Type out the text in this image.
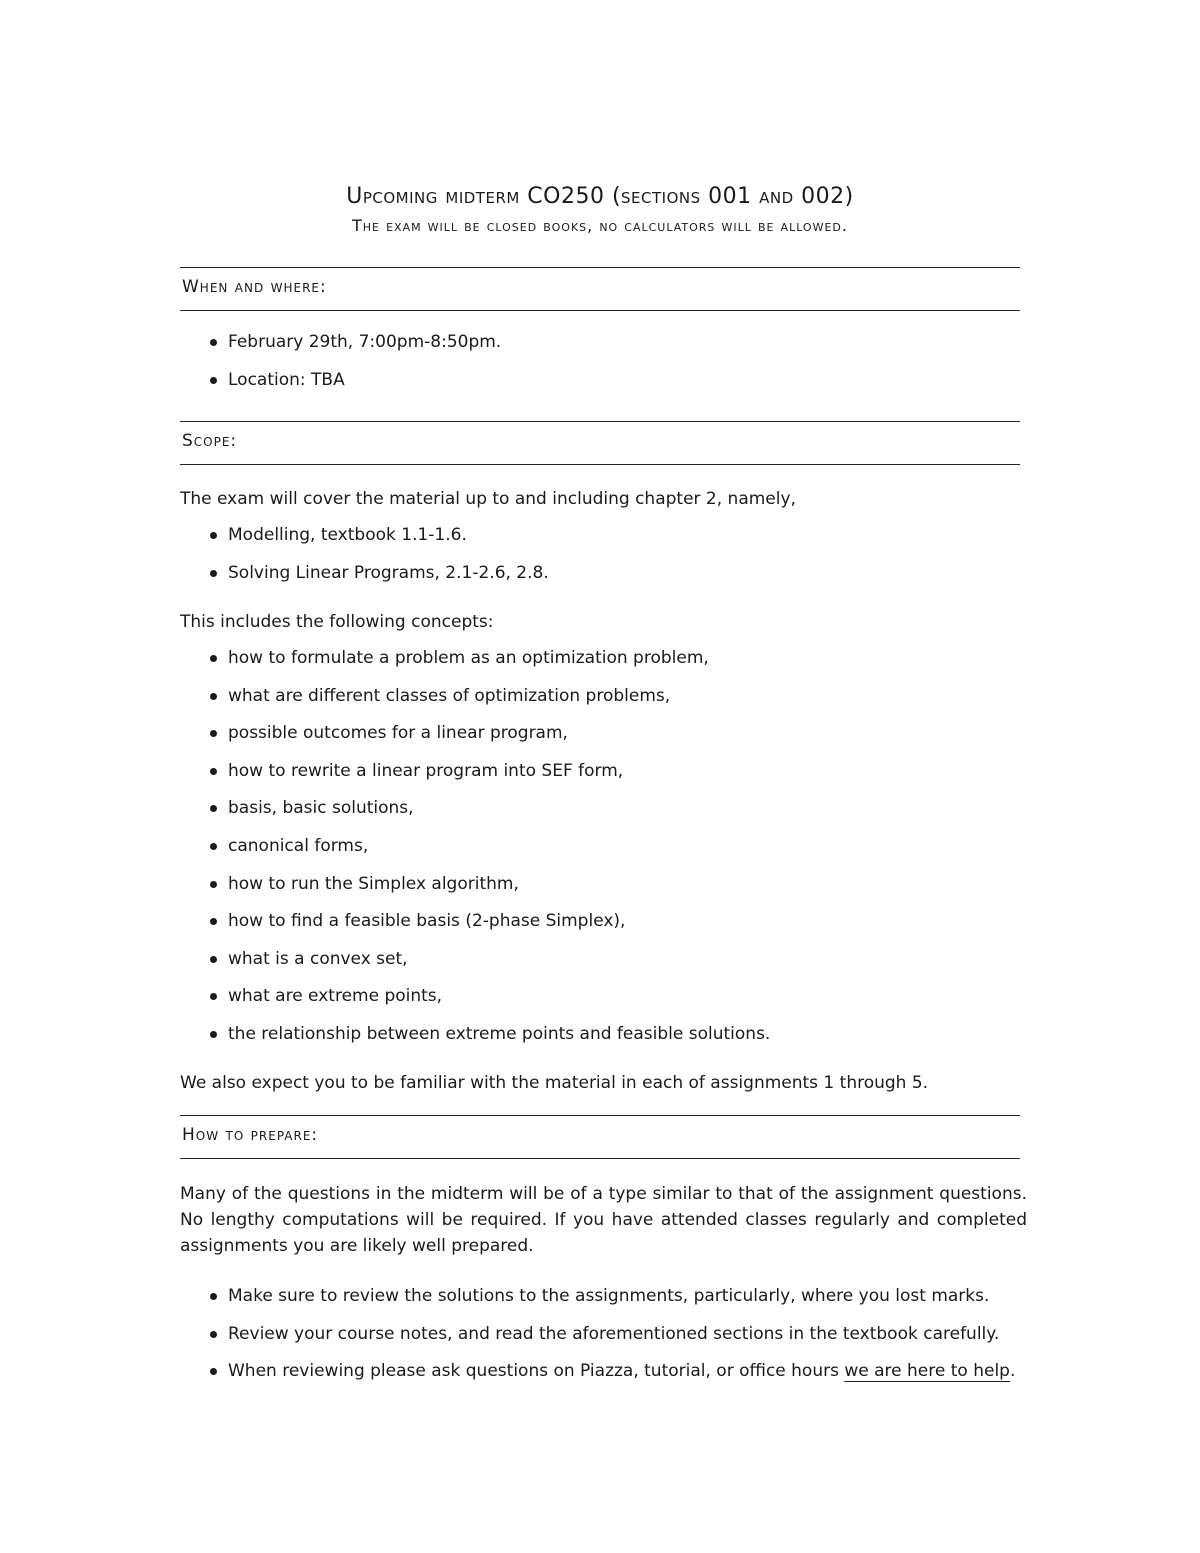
Upcoming midterm CO250 (sections 001 and 002)
The exam will be closed books, no calculators will be allowed.
When and where:
February 29th, 7:00pm-8:50pm.
Location: TBA
Scope:
The exam will cover the material up to and including chapter 2, namely,
Modelling, textbook 1.1-1.6.
Solving Linear Programs, 2.1-2.6, 2.8.
This includes the following concepts:
how to formulate a problem as an optimization problem,
what are different classes of optimization problems,
possible outcomes for a linear program,
how to rewrite a linear program into SEF form,
basis, basic solutions,
canonical forms,
how to run the Simplex algorithm,
how to find a feasible basis (2-phase Simplex),
what is a convex set,
what are extreme points,
the relationship between extreme points and feasible solutions.
We also expect you to be familiar with the material in each of assignments 1 through 5.
How to prepare:
Many of the questions in the midterm will be of a type similar to that of the assignment questions. No lengthy computations will be required. If you have attended classes regularly and completed assignments you are likely well prepared.
Make sure to review the solutions to the assignments, particularly, where you lost marks.
Review your course notes, and read the aforementioned sections in the textbook carefully.
When reviewing please ask questions on Piazza, tutorial, or office hours we are here to help.
